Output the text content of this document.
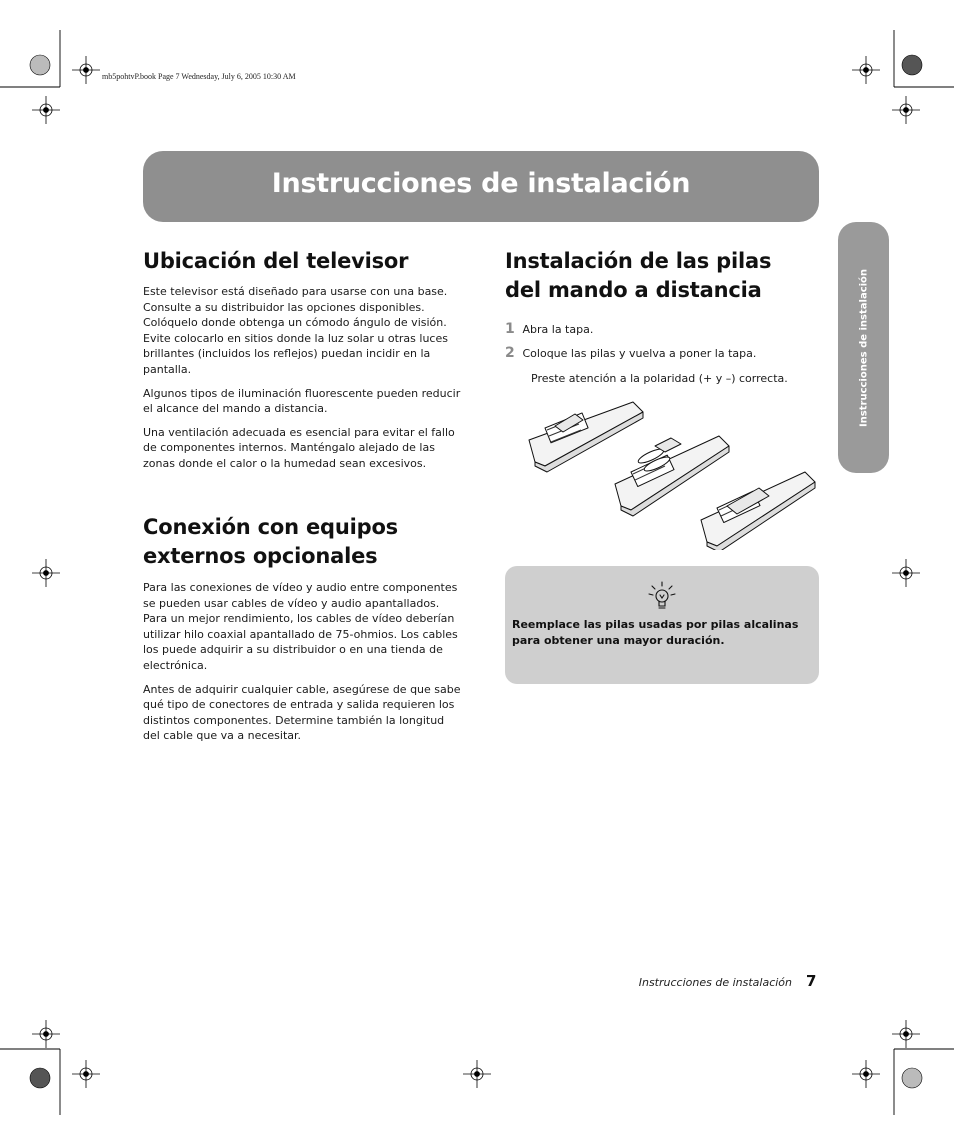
mb5pohtvP.book Page 7 Wednesday, July 6, 2005 10:30 AM
Instrucciones de instalación
Instrucciones de instalación
Ubicación del televisor

Este televisor está diseñado para usarse con una base. Consulte a su distribuidor las opciones disponibles. Colóquelo donde obtenga un cómodo ángulo de visión. Evite colocarlo en sitios donde la luz solar u otras luces brillantes (incluidos los reflejos) puedan incidir en la pantalla.

Algunos tipos de iluminación fluorescente pueden reducir el alcance del mando a distancia.

Una ventilación adecuada es esencial para evitar el fallo de componentes internos. Manténgalo alejado de las zonas donde el calor o la humedad sean excesivos.

Conexión con equipos
externos opcionales

Para las conexiones de vídeo y audio entre componentes se pueden usar cables de vídeo y audio apantallados. Para un mejor rendimiento, los cables de vídeo deberían utilizar hilo coaxial apantallado de 75-ohmios. Los cables los puede adquirir a su distribuidor o en una tienda de electrónica.

Antes de adquirir cualquier cable, asegúrese de que sabe qué tipo de conectores de entrada y salida requieren los distintos componentes. Determine también la longitud del cable que va a necesitar.

Instalación de las pilas
del mando a distancia
1 Abra la tapa.
2 Coloque las pilas y vuelva a poner la tapa.
Preste atención a la polaridad (+ y –) correcta.
Reemplace las pilas usadas por pilas alcalinas para obtener una mayor duración.
Instrucciones de instalación 7
